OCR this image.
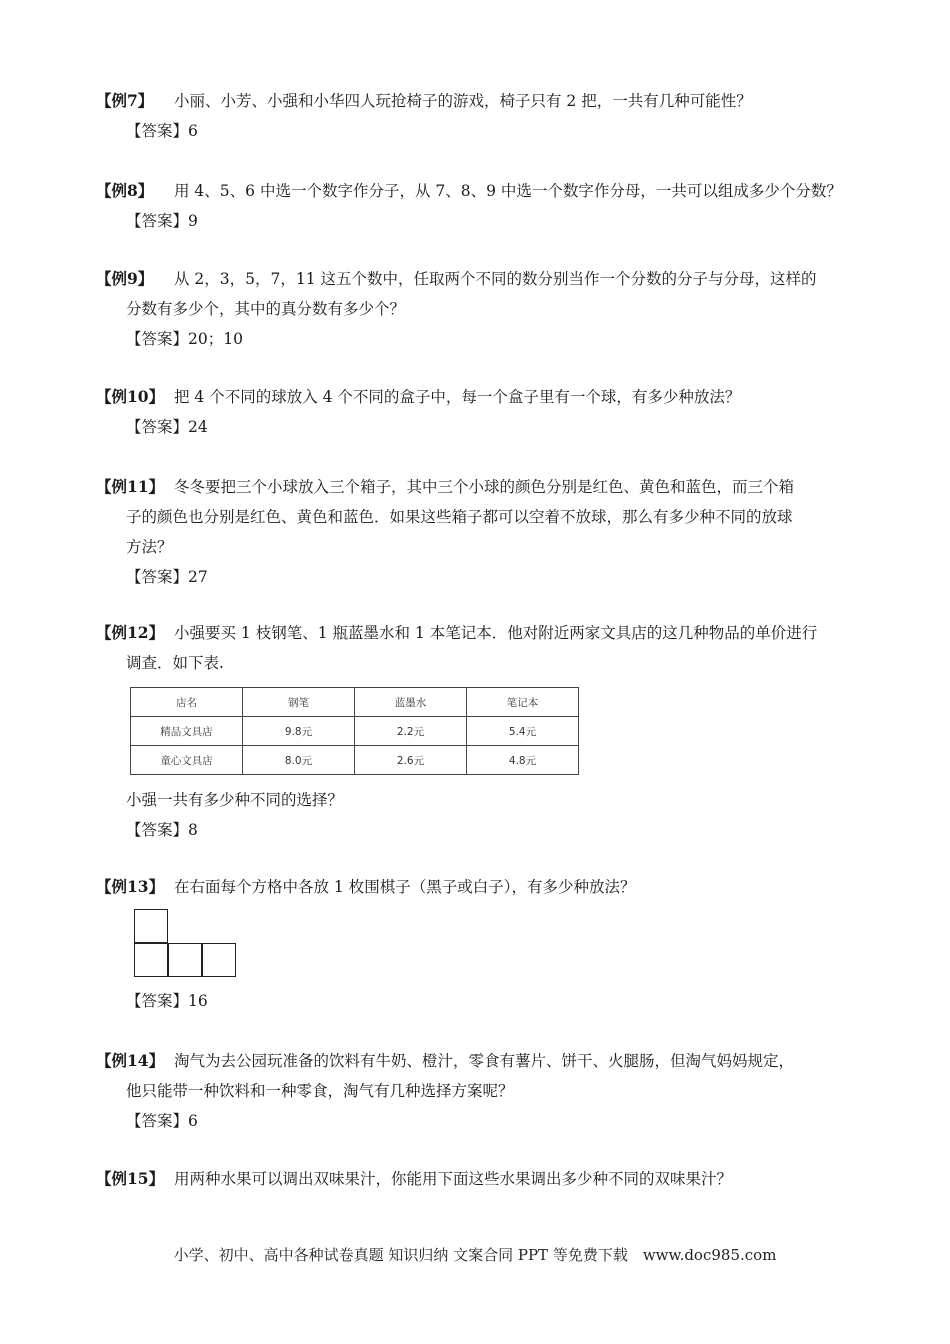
【例7】 小丽、小芳、小强和小华四人玩抢椅子的游戏，椅子只有 2 把，一共有几种可能性？
【答案】6
【例8】 用 4、5、6 中选一个数字作分子，从 7、8、9 中选一个数字作分母，一共可以组成多少个分数？
【答案】9
【例9】 从 2，3，5，7，11 这五个数中，任取两个不同的数分别当作一个分数的分子与分母，这样的
分数有多少个，其中的真分数有多少个？
【答案】20；10
【例10】 把 4 个不同的球放入 4 个不同的盒子中，每一个盒子里有一个球，有多少种放法？
【答案】24
【例11】 冬冬要把三个小球放入三个箱子，其中三个小球的颜色分别是红色、黄色和蓝色，而三个箱
子的颜色也分别是红色、黄色和蓝色．如果这些箱子都可以空着不放球，那么有多少种不同的放球
方法？
【答案】27
【例12】 小强要买 1 枝钢笔、1 瓶蓝墨水和 1 本笔记本．他对附近两家文具店的这几种物品的单价进行
调查．如下表.
店名	钢笔	蓝墨水	笔记本
精品文具店	9.8元	2.2元	5.4元
童心文具店	8.0元	2.6元	4.8元
小强一共有多少种不同的选择？
【答案】8
【例13】 在右面每个方格中各放 1 枚围棋子（黑子或白子），有多少种放法？
【答案】16
【例14】 淘气为去公园玩准备的饮料有牛奶、橙汁，零食有薯片、饼干、火腿肠，但淘气妈妈规定，
他只能带一种饮料和一种零食，淘气有几种选择方案呢？
【答案】6
【例15】 用两种水果可以调出双味果汁，你能用下面这些水果调出多少种不同的双味果汁？
小学、初中、高中各种试卷真题 知识归纳 文案合同 PPT 等免费下载　www.doc985.com
